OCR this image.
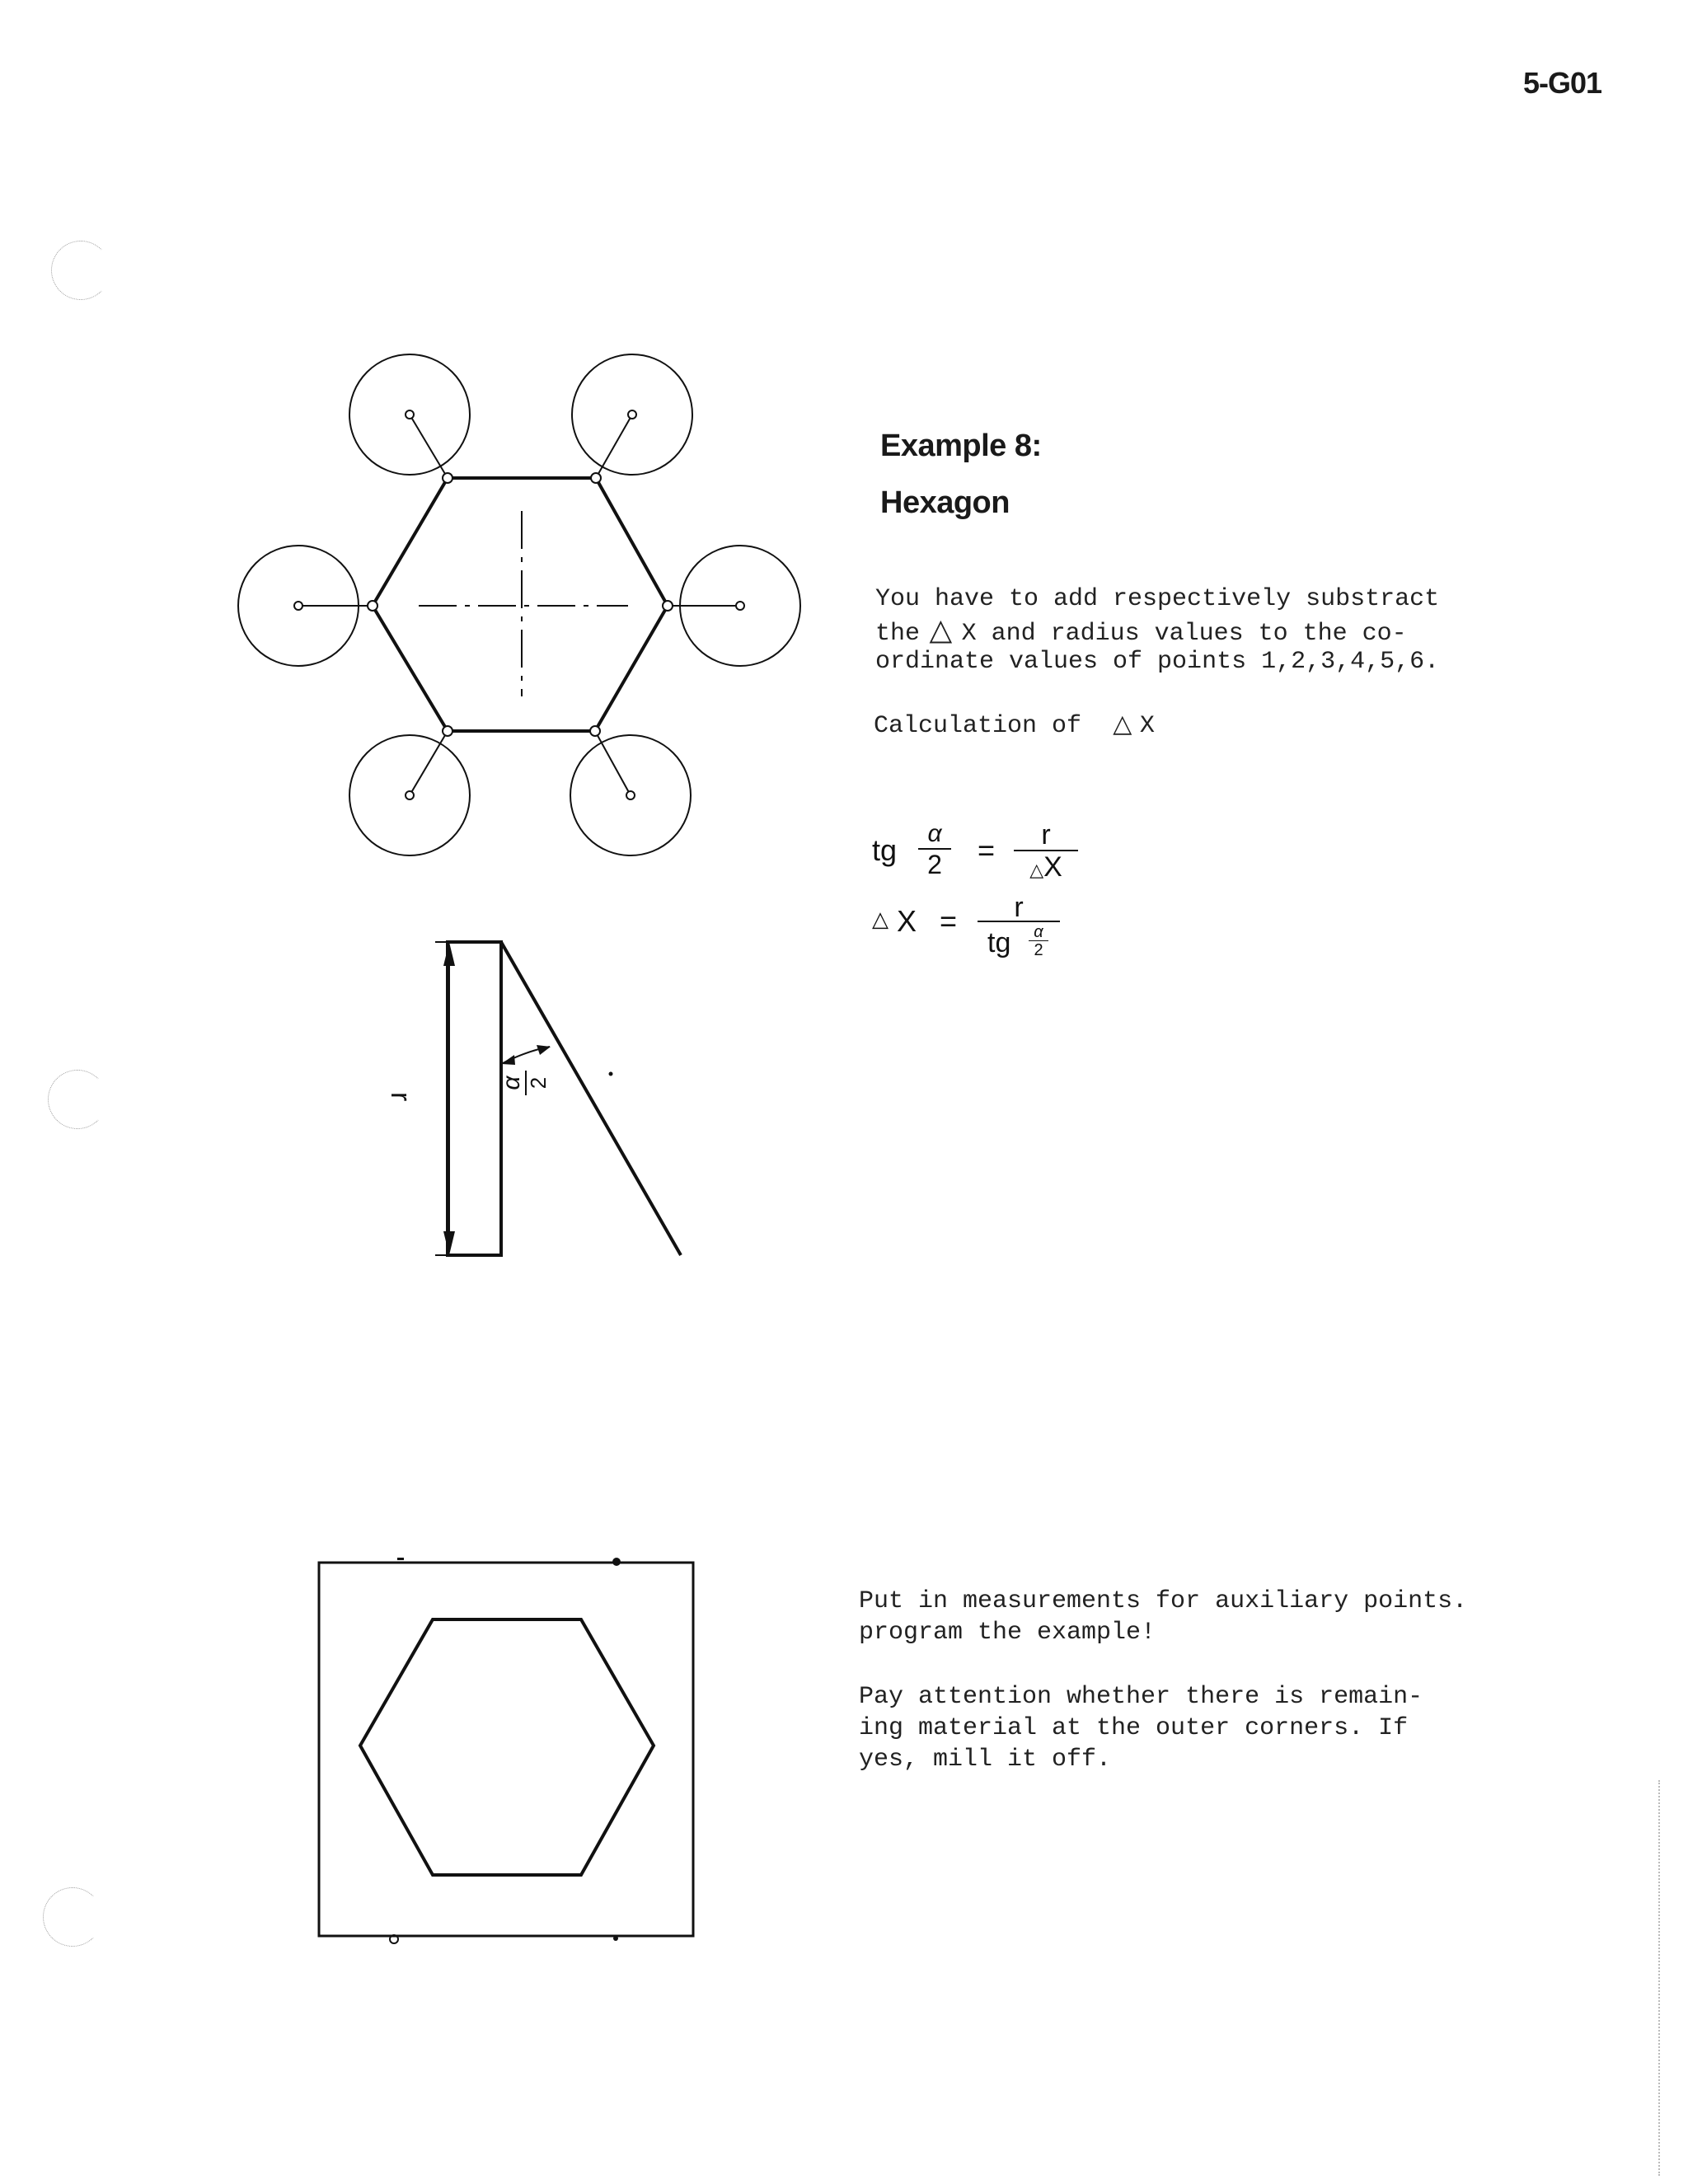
5-G01
r
α 2
Example 8:
Hexagon
You have to add respectively substract
the △ X and radius values to the co-
ordinate values of points 1,2,3,4,5,6.
Calculation of    △ X
tg	α
2	=	r
△X
△ X =	r
tg	α
2
Put in measurements for auxiliary points.
program the example!
Pay attention whether there is remain-
ing material at the outer corners. If
yes, mill it off.
